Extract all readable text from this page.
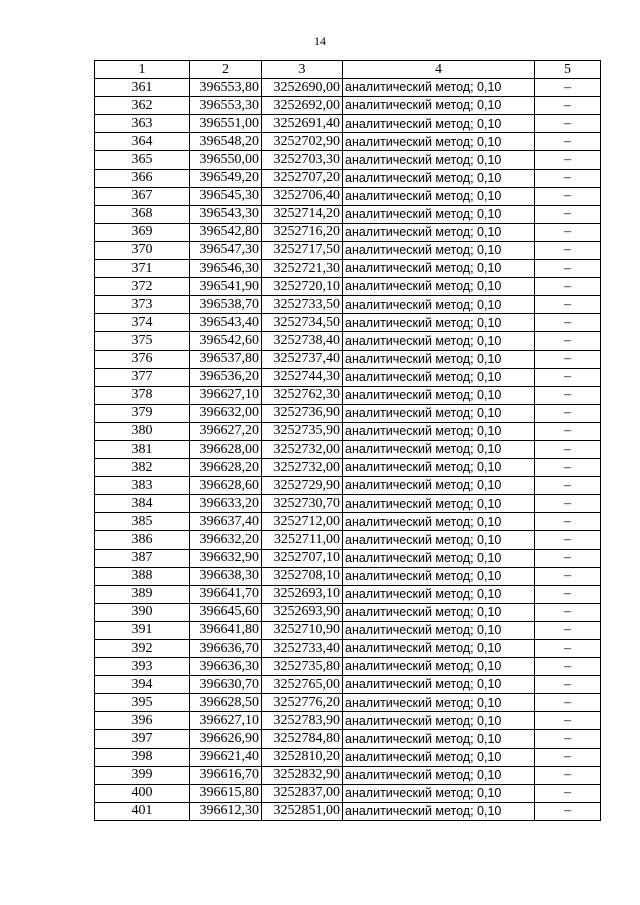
14
1	2	3	4	5
361	396553,80	3252690,00	аналитический метод; 0,10	–
362	396553,30	3252692,00	аналитический метод; 0,10	–
363	396551,00	3252691,40	аналитический метод; 0,10	–
364	396548,20	3252702,90	аналитический метод; 0,10	–
365	396550,00	3252703,30	аналитический метод; 0,10	–
366	396549,20	3252707,20	аналитический метод; 0,10	–
367	396545,30	3252706,40	аналитический метод; 0,10	–
368	396543,30	3252714,20	аналитический метод; 0,10	–
369	396542,80	3252716,20	аналитический метод; 0,10	–
370	396547,30	3252717,50	аналитический метод; 0,10	–
371	396546,30	3252721,30	аналитический метод; 0,10	–
372	396541,90	3252720,10	аналитический метод; 0,10	–
373	396538,70	3252733,50	аналитический метод; 0,10	–
374	396543,40	3252734,50	аналитический метод; 0,10	–
375	396542,60	3252738,40	аналитический метод; 0,10	–
376	396537,80	3252737,40	аналитический метод; 0,10	–
377	396536,20	3252744,30	аналитический метод; 0,10	–
378	396627,10	3252762,30	аналитический метод; 0,10	–
379	396632,00	3252736,90	аналитический метод; 0,10	–
380	396627,20	3252735,90	аналитический метод; 0,10	–
381	396628,00	3252732,00	аналитический метод; 0,10	–
382	396628,20	3252732,00	аналитический метод; 0,10	–
383	396628,60	3252729,90	аналитический метод; 0,10	–
384	396633,20	3252730,70	аналитический метод; 0,10	–
385	396637,40	3252712,00	аналитический метод; 0,10	–
386	396632,20	3252711,00	аналитический метод; 0,10	–
387	396632,90	3252707,10	аналитический метод; 0,10	–
388	396638,30	3252708,10	аналитический метод; 0,10	–
389	396641,70	3252693,10	аналитический метод; 0,10	–
390	396645,60	3252693,90	аналитический метод; 0,10	–
391	396641,80	3252710,90	аналитический метод; 0,10	–
392	396636,70	3252733,40	аналитический метод; 0,10	–
393	396636,30	3252735,80	аналитический метод; 0,10	–
394	396630,70	3252765,00	аналитический метод; 0,10	–
395	396628,50	3252776,20	аналитический метод; 0,10	–
396	396627,10	3252783,90	аналитический метод; 0,10	–
397	396626,90	3252784,80	аналитический метод; 0,10	–
398	396621,40	3252810,20	аналитический метод; 0,10	–
399	396616,70	3252832,90	аналитический метод; 0,10	–
400	396615,80	3252837,00	аналитический метод; 0,10	–
401	396612,30	3252851,00	аналитический метод; 0,10	–
